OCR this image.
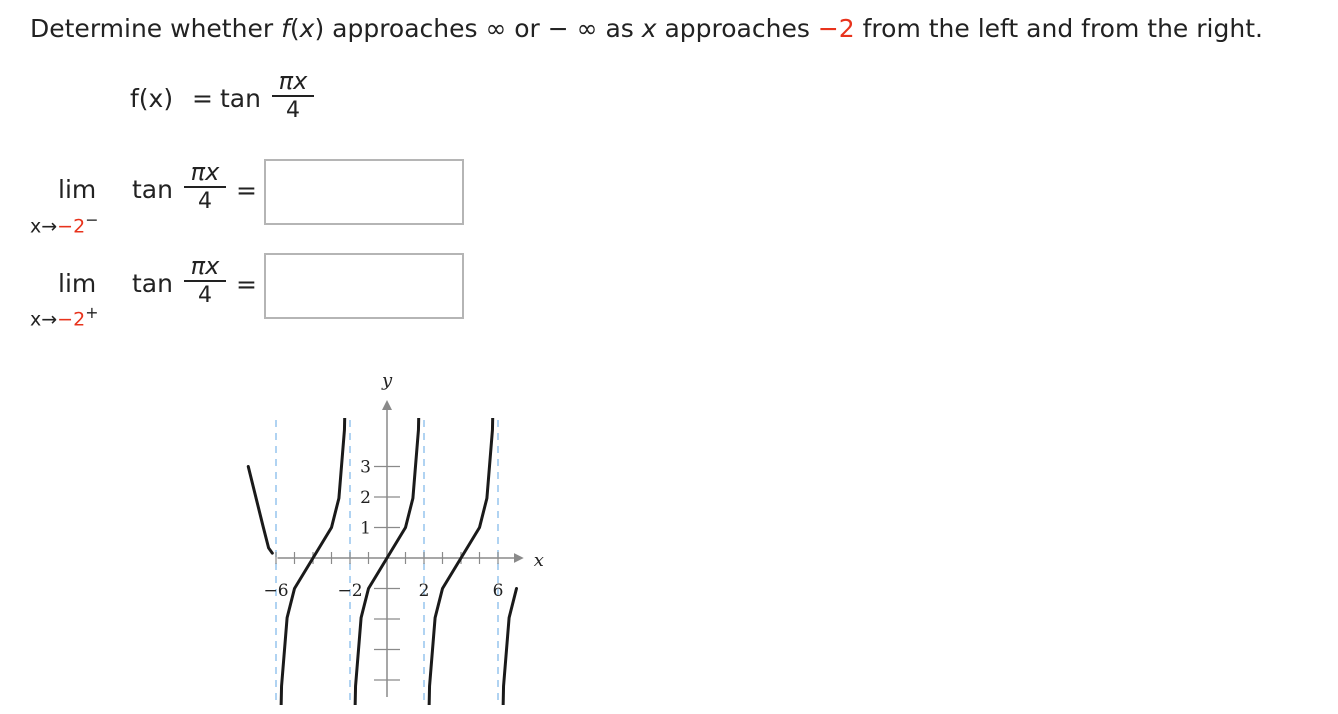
Determine whether f(x) approaches ∞ or − ∞ as x approaches −2 from the left and from the right.
f(x) = tan
πx
4
lim
x→−2−
tan
πx
4 =
lim
x→−2+
tan
πx
4 =
−6	−2	2	6
1
2
3
x
y
